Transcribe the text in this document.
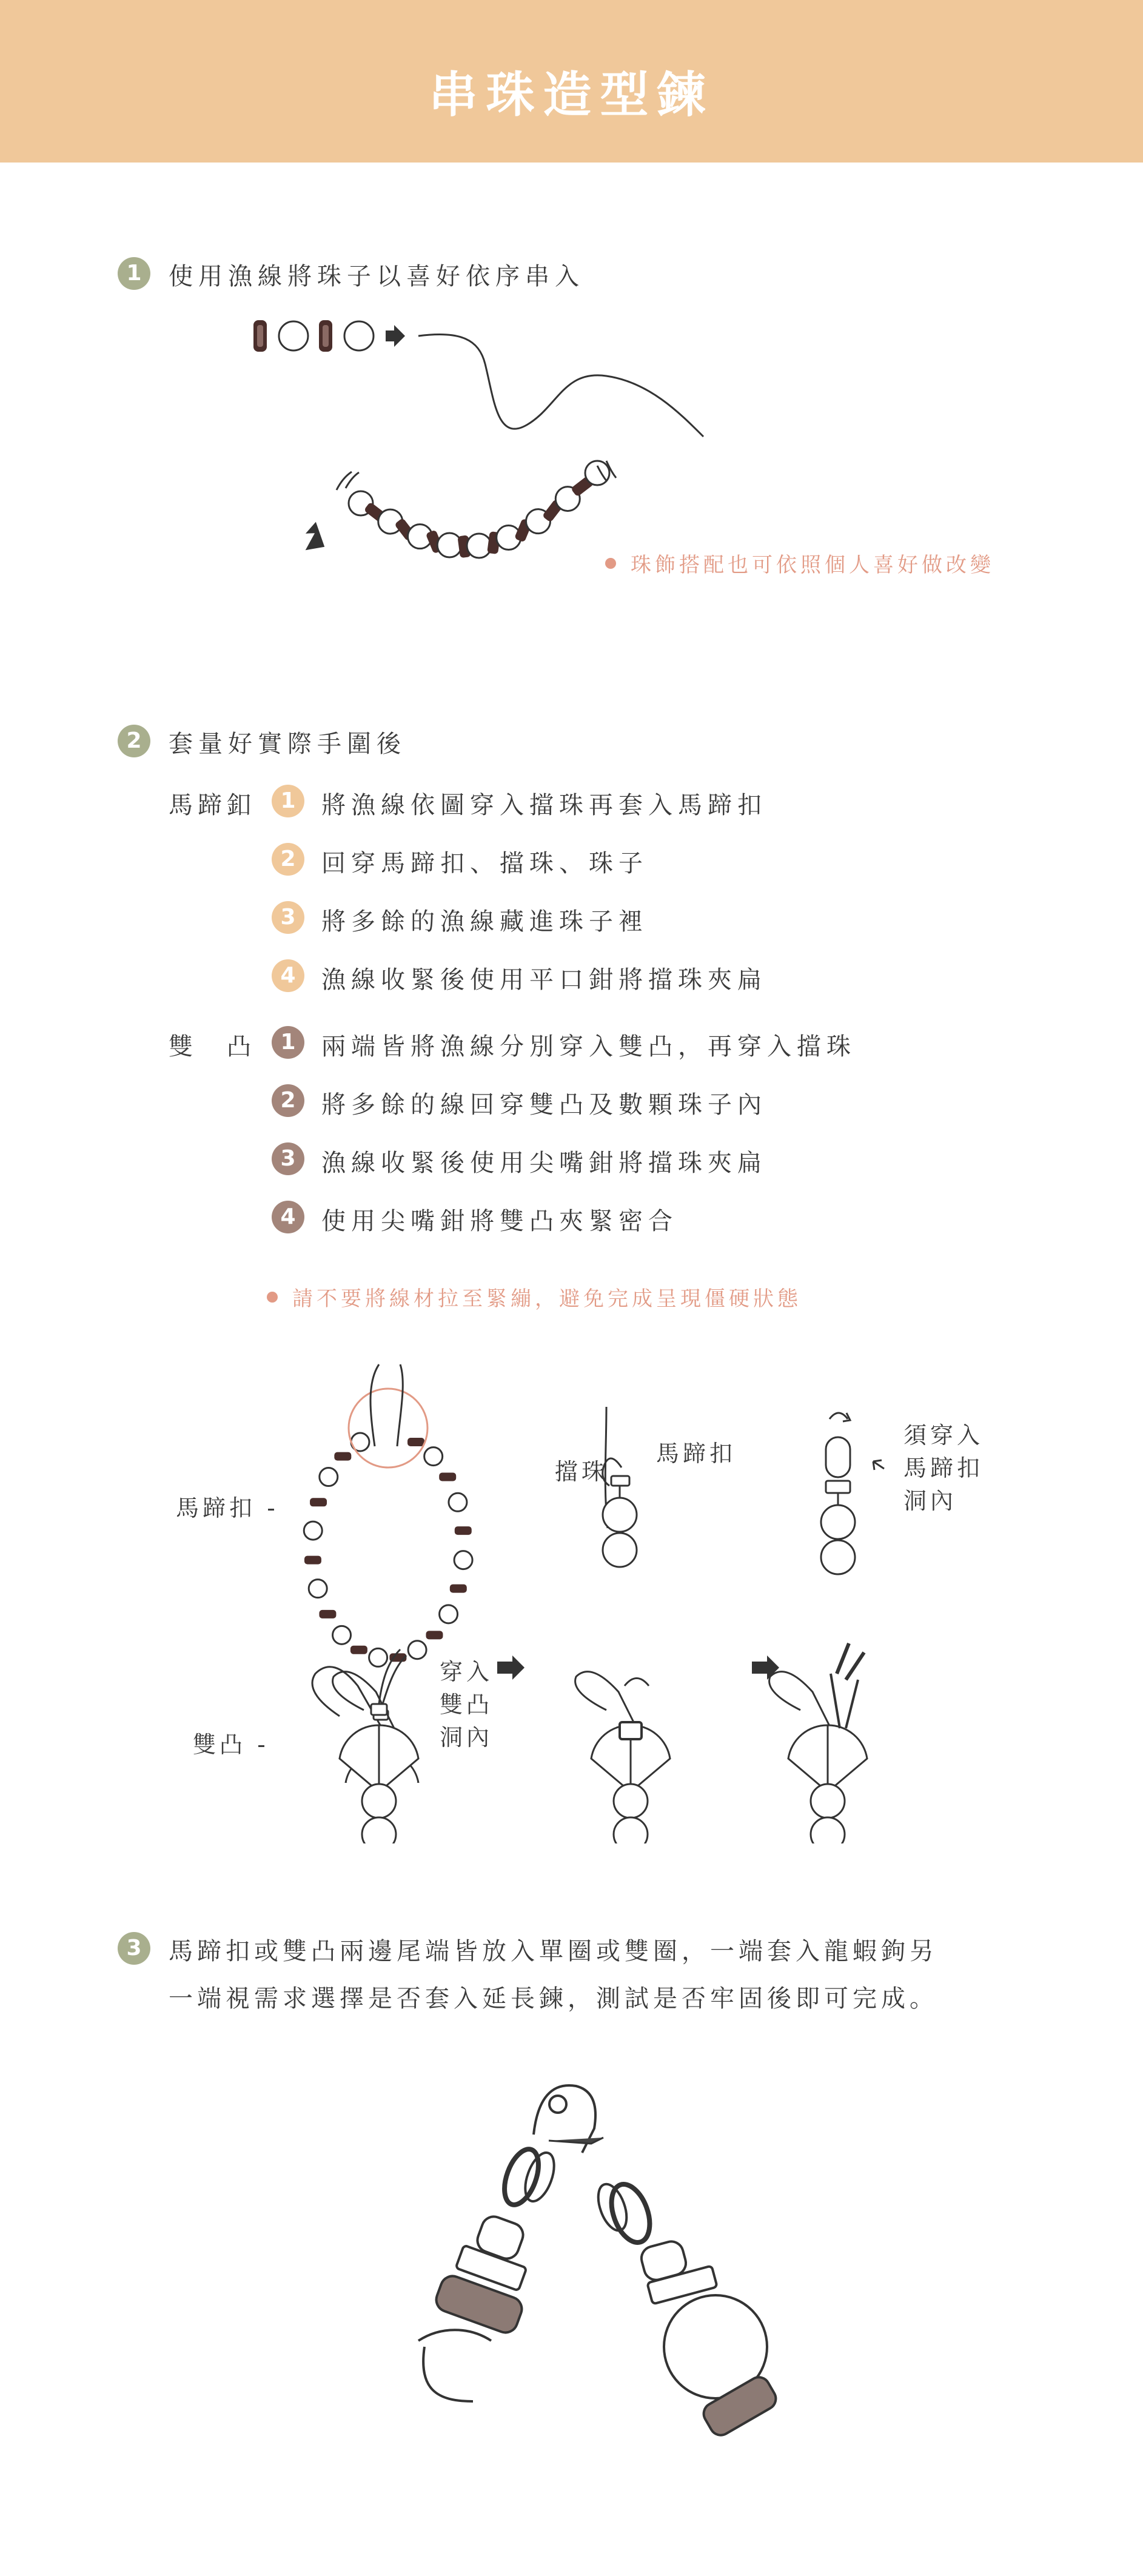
串珠造型鍊
1	使用漁線將珠子以喜好依序串入
珠飾搭配也可依照個人喜好做改變
2	套量好實際手圍後
馬蹄釦	1	將漁線依圖穿入擋珠再套入馬蹄扣
2	回穿馬蹄扣、擋珠、珠子
3	將多餘的漁線藏進珠子裡
4	漁線收緊後使用平口鉗將擋珠夾扁
雙　凸	1	兩端皆將漁線分別穿入雙凸，再穿入擋珠
2	將多餘的線回穿雙凸及數顆珠子內
3	漁線收緊後使用尖嘴鉗將擋珠夾扁
4	使用尖嘴鉗將雙凸夾緊密合
請不要將線材拉至緊繃，避免完成呈現僵硬狀態
馬蹄扣 -
擋珠
馬蹄扣
須穿入
馬蹄扣
洞內
雙凸 -
穿入
雙凸
洞內
3	馬蹄扣或雙凸兩邊尾端皆放入單圈或雙圈，一端套入龍蝦鉤另
一端視需求選擇是否套入延長鍊，測試是否牢固後即可完成。
